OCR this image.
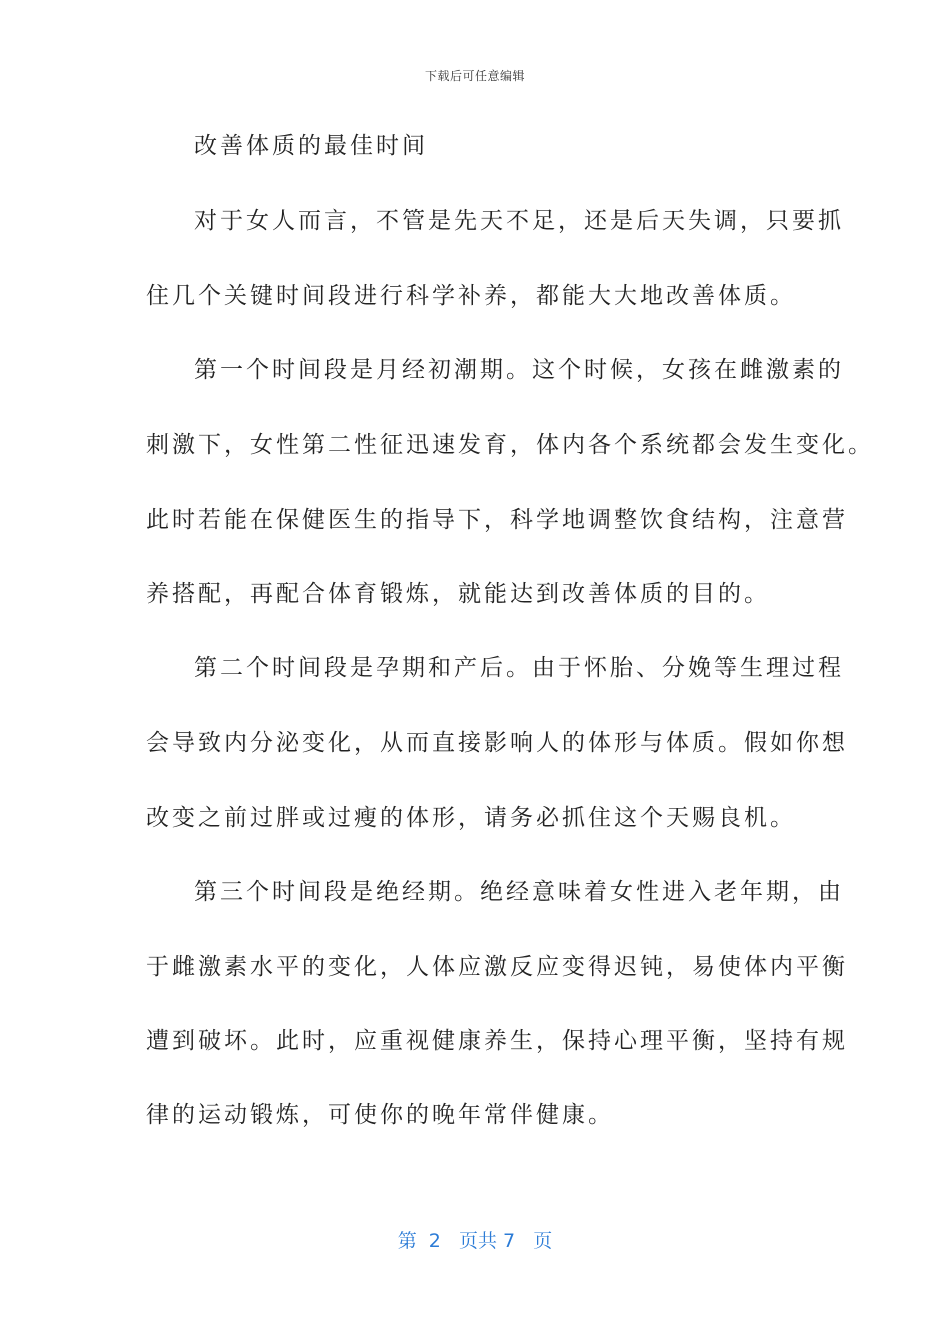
下载后可任意编辑
改善体质的最佳时间
对于女人而言，不管是先天不足，还是后天失调，只要抓
住几个关键时间段进行科学补养，都能大大地改善体质。
第一个时间段是月经初潮期。这个时候，女孩在雌激素的
刺激下，女性第二性征迅速发育，体内各个系统都会发生变化。
此时若能在保健医生的指导下，科学地调整饮食结构，注意营
养搭配，再配合体育锻炼，就能达到改善体质的目的。
第二个时间段是孕期和产后。由于怀胎、分娩等生理过程
会导致内分泌变化，从而直接影响人的体形与体质。假如你想
改变之前过胖或过瘦的体形，请务必抓住这个天赐良机。
第三个时间段是绝经期。绝经意味着女性进入老年期，由
于雌激素水平的变化，人体应激反应变得迟钝，易使体内平衡
遭到破坏。此时，应重视健康养生，保持心理平衡，坚持有规
律的运动锻炼，可使你的晚年常伴健康。
第  2   页共 7   页
